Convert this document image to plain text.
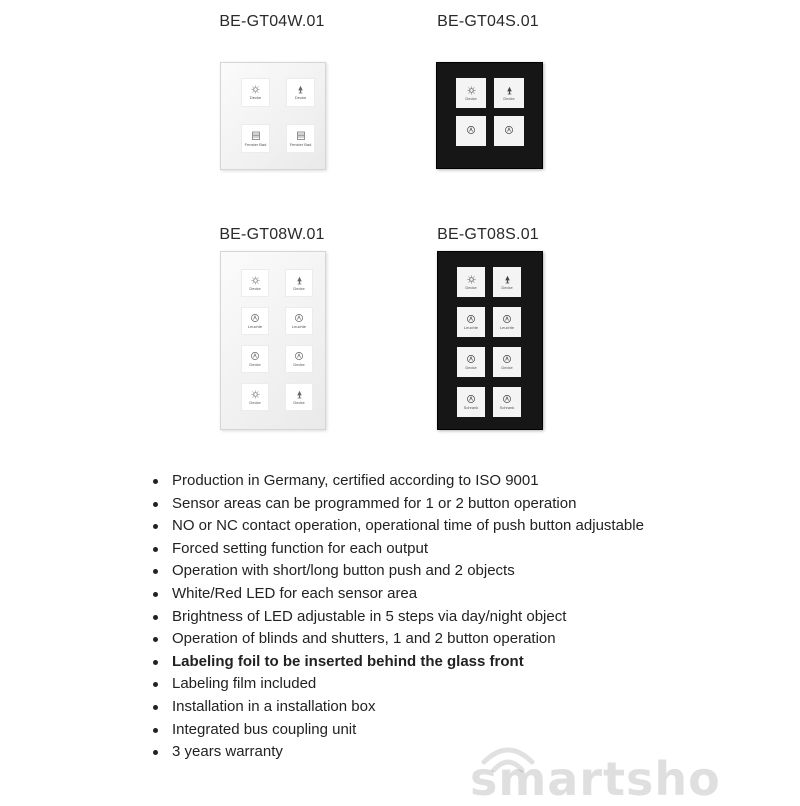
BE-GT04W.01	BE-GT04S.01
BE-GT08W.01	BE-GT08S.01
Decke	Decke
Fenster Bad	Fenster Bad
Decke	Decke
Decke	Decke
Leuchte	Leuchte
Decke	Decke
Decke	Decke
Decke	Decke
Leuchte	Leuchte
Decke	Decke
Schrank	Schrank
Production in Germany, certified according to ISO 9001
Sensor areas can be programmed for 1 or 2 button operation
NO or NC contact operation, operational time of push button adjustable
Forced setting function for each output
Operation with short/long button push and 2 objects
White/Red LED for each sensor area
Brightness of LED adjustable in 5 steps via day/night object
Operation of blinds and shutters, 1 and 2 button operation
Labeling foil to be inserted behind the glass front
Labeling film included
Installation in a installation box
Integrated bus coupling unit
3 years warranty
smartsho
